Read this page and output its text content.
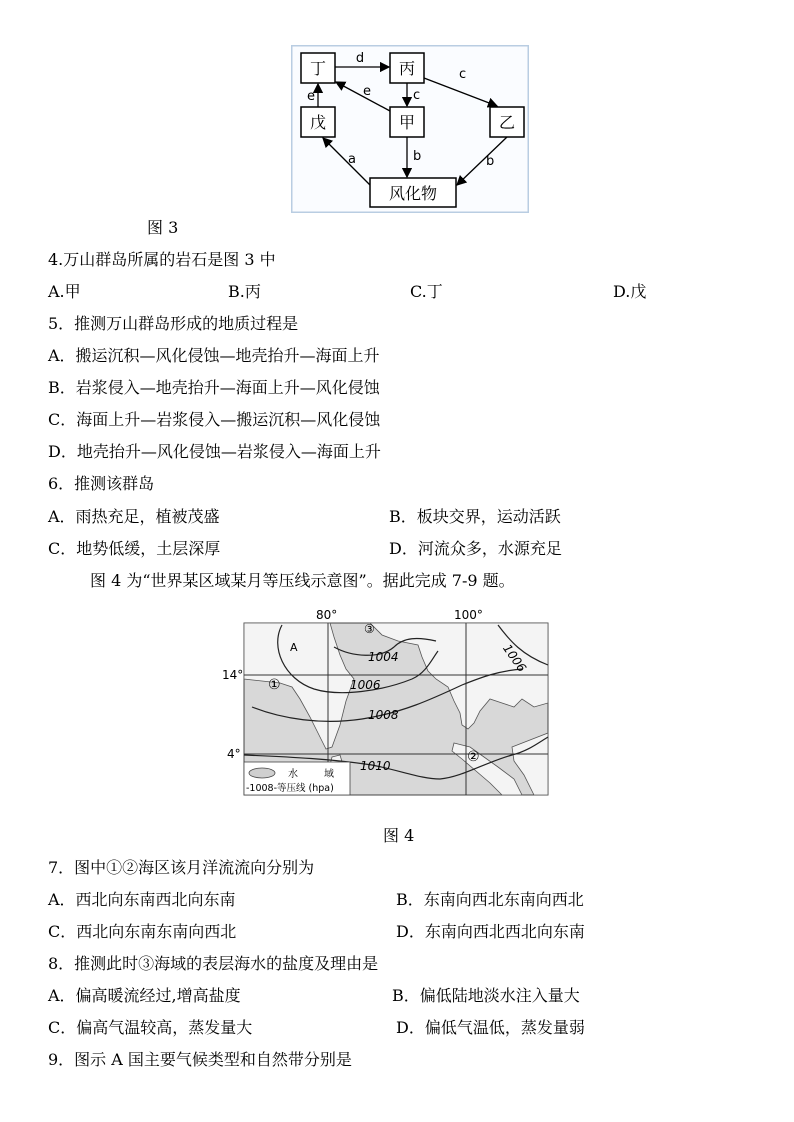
丁	丙
戊	甲	乙
风化物
d
c
c
e	e
b	b
a
图 3
4.万山群岛所属的岩石是图 3 中
A.甲	B.丙	C.丁	D.戊
5．推测万山群岛形成的地质过程是
A．搬运沉积—风化侵蚀—地壳抬升—海面上升
B．岩浆侵入—地壳抬升—海面上升—风化侵蚀
C．海面上升—岩浆侵入—搬运沉积—风化侵蚀
D．地壳抬升—风化侵蚀—岩浆侵入—海面上升
6．推测该群岛
A．雨热充足，植被茂盛	B．板块交界，运动活跃
C．地势低缓，土层深厚	D．河流众多，水源充足
图 4 为“世界某区域某月等压线示意图”。据此完成 7-9 题。
1004
1006
1008
1006
1010
80°	100°
14°
4°
A
①
②
③
水	域
-1008-等压线 (hpa)
图 4
7．图中①②海区该月洋流流向分别为
A．西北向东南西北向东南	B．东南向西北东南向西北
C．西北向东南东南向西北	D．东南向西北西北向东南
8．推测此时③海域的表层海水的盐度及理由是
A．偏高暖流经过,增高盐度	B．偏低陆地淡水注入量大
C．偏高气温较高，蒸发量大	D．偏低气温低，蒸发量弱
9．图示 A 国主要气候类型和自然带分别是
